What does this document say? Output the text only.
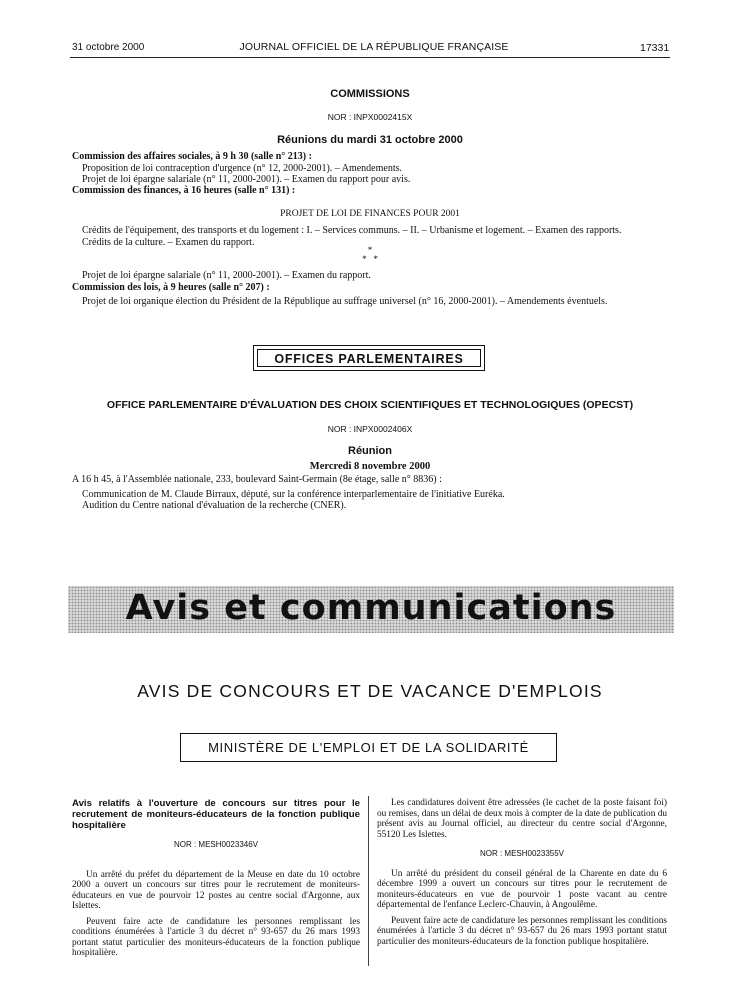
31 octobre 2000	JOURNAL OFFICIEL DE LA RÉPUBLIQUE FRANÇAISE	17331
COMMISSIONS
NOR : INPX0002415X
Réunions du mardi 31 octobre 2000
Commission des affaires sociales, à 9 h 30 (salle n° 213) :
Proposition de loi contraception d'urgence (n° 12, 2000-2001). – Amendements.
Projet de loi épargne salariale (n° 11, 2000-2001). – Examen du rapport pour avis.
Commission des finances, à 16 heures (salle n° 131) :
PROJET DE LOI DE FINANCES POUR 2001
Crédits de l'équipement, des transports et du logement : I. – Services communs. – II. – Urbanisme et logement. – Examen des rapports.
Crédits de la culture. – Examen du rapport.
*
*   *
Projet de loi épargne salariale (n° 11, 2000-2001). – Examen du rapport.
Commission des lois, à 9 heures (salle n° 207) :
Projet de loi organique élection du Président de la République au suffrage universel (n° 16, 2000-2001). – Amendements éventuels.
OFFICES PARLEMENTAIRES
OFFICE PARLEMENTAIRE D'ÉVALUATION DES CHOIX SCIENTIFIQUES ET TECHNOLOGIQUES (OPECST)
NOR : INPX0002406X
Réunion
Mercredi 8 novembre 2000
A 16 h 45, à l'Assemblée nationale, 233, boulevard Saint-Germain (8e étage, salle n° 8836) :
Communication de M. Claude Birraux, député, sur la conférence interparlementaire de l'initiative Euréka.
Audition du Centre national d'évaluation de la recherche (CNER).
Avis et communications
AVIS DE CONCOURS ET DE VACANCE D'EMPLOIS
MINISTÈRE DE L'EMPLOI ET DE LA SOLIDARITÉ
Avis relatifs à l'ouverture de concours sur titres pour le recrutement de moniteurs-éducateurs de la fonction publique hospitalière
NOR : MESH0023346V

Un arrêté du préfet du département de la Meuse en date du 10 octobre 2000 a ouvert un concours sur titres pour le recrutement de moniteurs-éducateurs en vue de pourvoir 12 postes au centre social d'Argonne, aux Islettes.

Peuvent faire acte de candidature les personnes remplissant les conditions énumérées à l'article 3 du décret n° 93-657 du 26 mars 1993 portant statut particulier des moniteurs-éducateurs de la fonction publique hospitalière.

Les candidatures doivent être adressées (le cachet de la poste faisant foi) ou remises, dans un délai de deux mois à compter de la date de publication du présent avis au Journal officiel, au directeur du centre social d'Argonne, 55120 Les Islettes.

NOR : MESH0023355V

Un arrêté du président du conseil général de la Charente en date du 6 décembre 1999 a ouvert un concours sur titres pour le recrutement de moniteurs-éducateurs en vue de pourvoir 1 poste vacant au centre départemental de l'enfance Leclerc-Chauvin, à Angoulême.

Peuvent faire acte de candidature les personnes remplissant les conditions énumérées à l'article 3 du décret n° 93-657 du 26 mars 1993 portant statut particulier des moniteurs-éducateurs de la fonction publique hospitalière.
